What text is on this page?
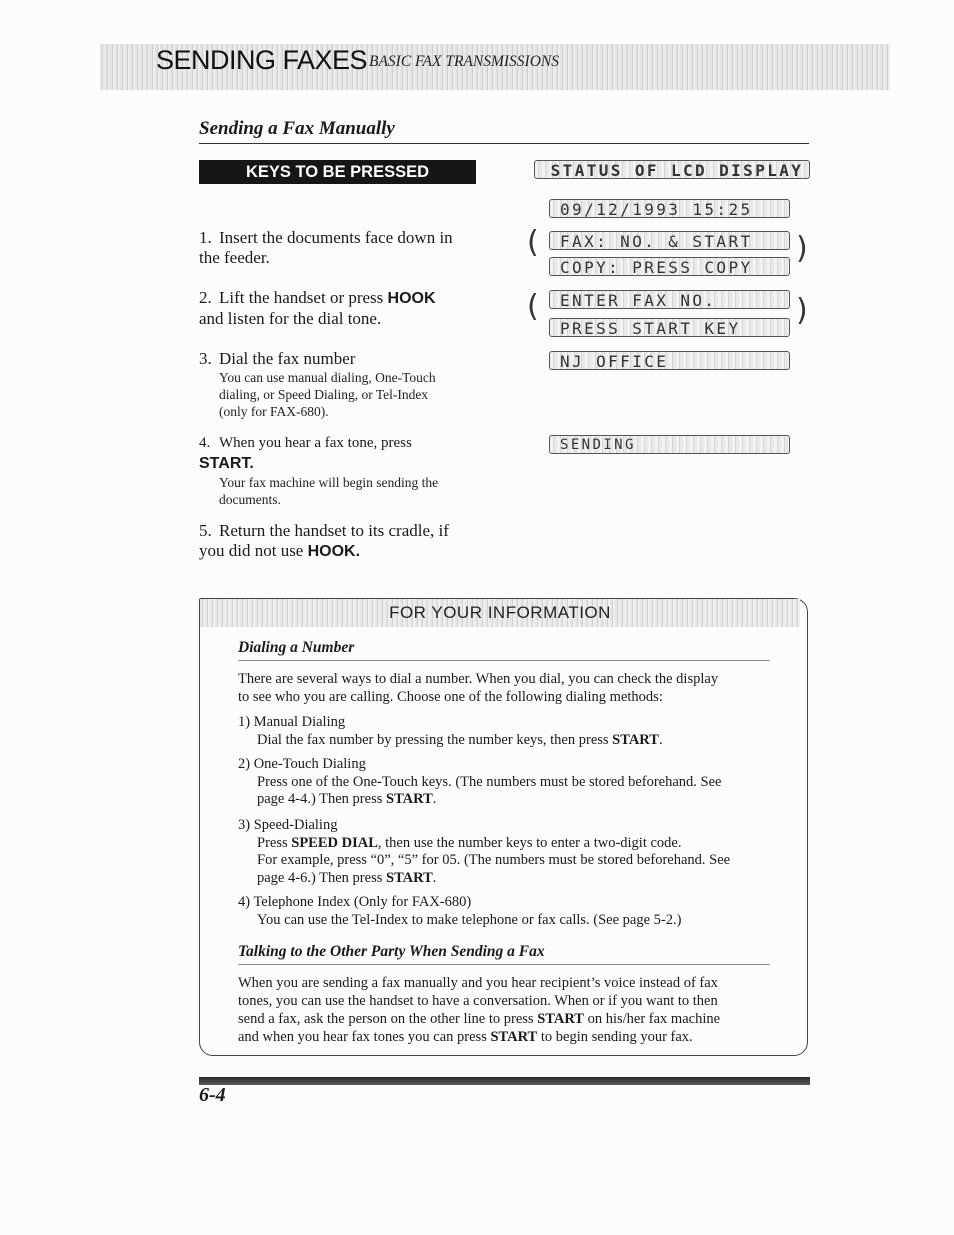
SENDING FAXES BASIC FAX TRANSMISSIONS
Sending a Fax Manually
KEYS TO BE PRESSED	STATUS OF LCD DISPLAY
1. Insert the documents face down in
the feeder.
2. Lift the handset or press HOOK
and listen for the dial tone.
3. Dial the fax number
You can use manual dialing, One-Touch
dialing, or Speed Dialing, or Tel-Index
(only for FAX-680).
4. When you hear a fax tone, press
START.
Your fax machine will begin sending the
documents.
5. Return the handset to its cradle, if
you did not use HOOK.
09/12/1993 15:25
(	FAX: NO. & START
COPY: PRESS COPY
)
(	ENTER FAX NO.
PRESS START KEY
)
NJ OFFICE
SENDING
FOR YOUR INFORMATION
Dialing a Number
There are several ways to dial a number. When you dial, you can check the display
to see who you are calling. Choose one of the following dialing methods:
1) Manual Dialing
Dial the fax number by pressing the number keys, then press START.
2) One-Touch Dialing
Press one of the One-Touch keys. (The numbers must be stored beforehand. See
page 4-4.) Then press START.
3) Speed-Dialing
Press SPEED DIAL, then use the number keys to enter a two-digit code.
For example, press “0”, “5” for 05. (The numbers must be stored beforehand. See
page 4-6.) Then press START.
4) Telephone Index (Only for FAX-680)
You can use the Tel-Index to make telephone or fax calls. (See page 5-2.)
Talking to the Other Party When Sending a Fax
When you are sending a fax manually and you hear recipient’s voice instead of fax
tones, you can use the handset to have a conversation. When or if you want to then
send a fax, ask the person on the other line to press START on his/her fax machine
and when you hear fax tones you can press START to begin sending your fax.
6-4
